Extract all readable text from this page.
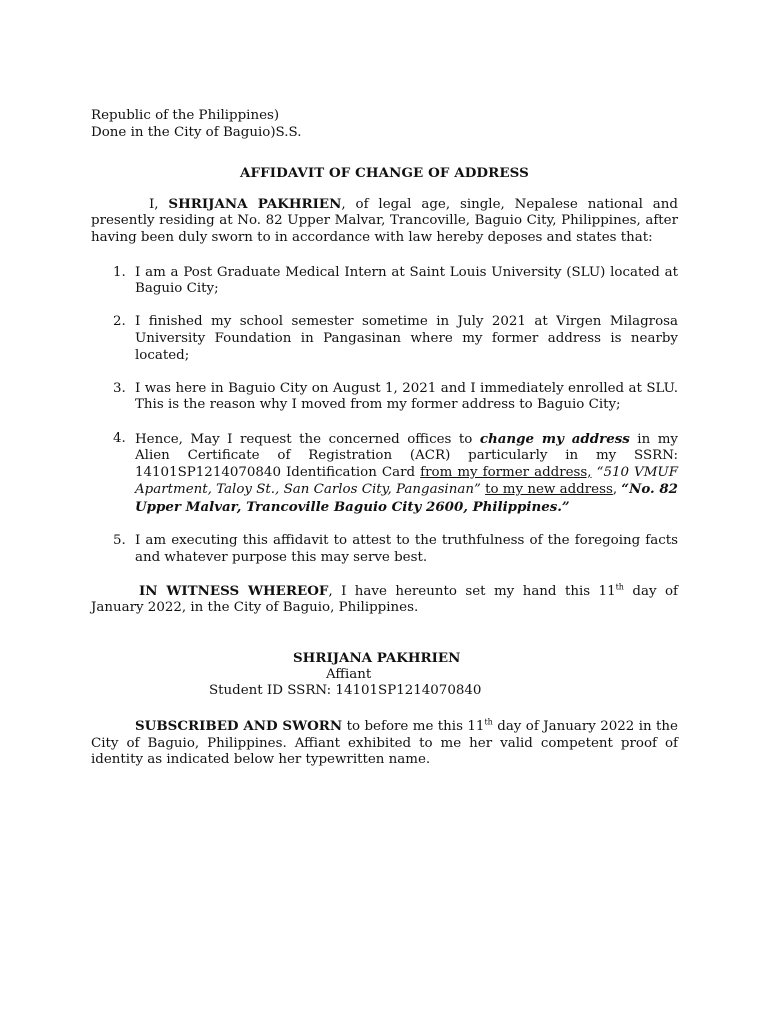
Republic of the Philippines)
Done in the City of Baguio)S.S.
AFFIDAVIT OF CHANGE OF ADDRESS

I, SHRIJANA PAKHRIEN, of legal age, single, Nepalese national and presently residing at No. 82 Upper Malvar, Trancoville, Baguio City, Philippines, after having been duly sworn to in accordance with law hereby deposes and states that:

1. I am a Post Graduate Medical Intern at Saint Louis University (SLU) located at Baguio City;
2. I finished my school semester sometime in July 2021 at Virgen Milagrosa University Foundation in Pangasinan where my former address is nearby located;
3. I was here in Baguio City on August 1, 2021 and I immediately enrolled at SLU. This is the reason why I moved from my former address to Baguio City;
4. Hence, May I request the concerned offices to change my address in my Alien Certificate of Registration (ACR) particularly in my SSRN: 14101SP1214070840 Identification Card from my former address, “510 VMUF Apartment, Taloy St., San Carlos City, Pangasinan” to my new address, “No. 82 Upper Malvar, Trancoville Baguio City 2600, Philippines.”
5. I am executing this affidavit to attest to the truthfulness of the foregoing facts and whatever purpose this may serve best.

IN WITNESS WHEREOF, I have hereunto set my hand this 11th day of January 2022, in the City of Baguio, Philippines.

SHRIJANA PAKHRIEN
Affiant
Student ID SSRN: 14101SP1214070840

SUBSCRIBED AND SWORN to before me this 11th day of January 2022 in the City of Baguio, Philippines. Affiant exhibited to me her valid competent proof of identity as indicated below her typewritten name.
